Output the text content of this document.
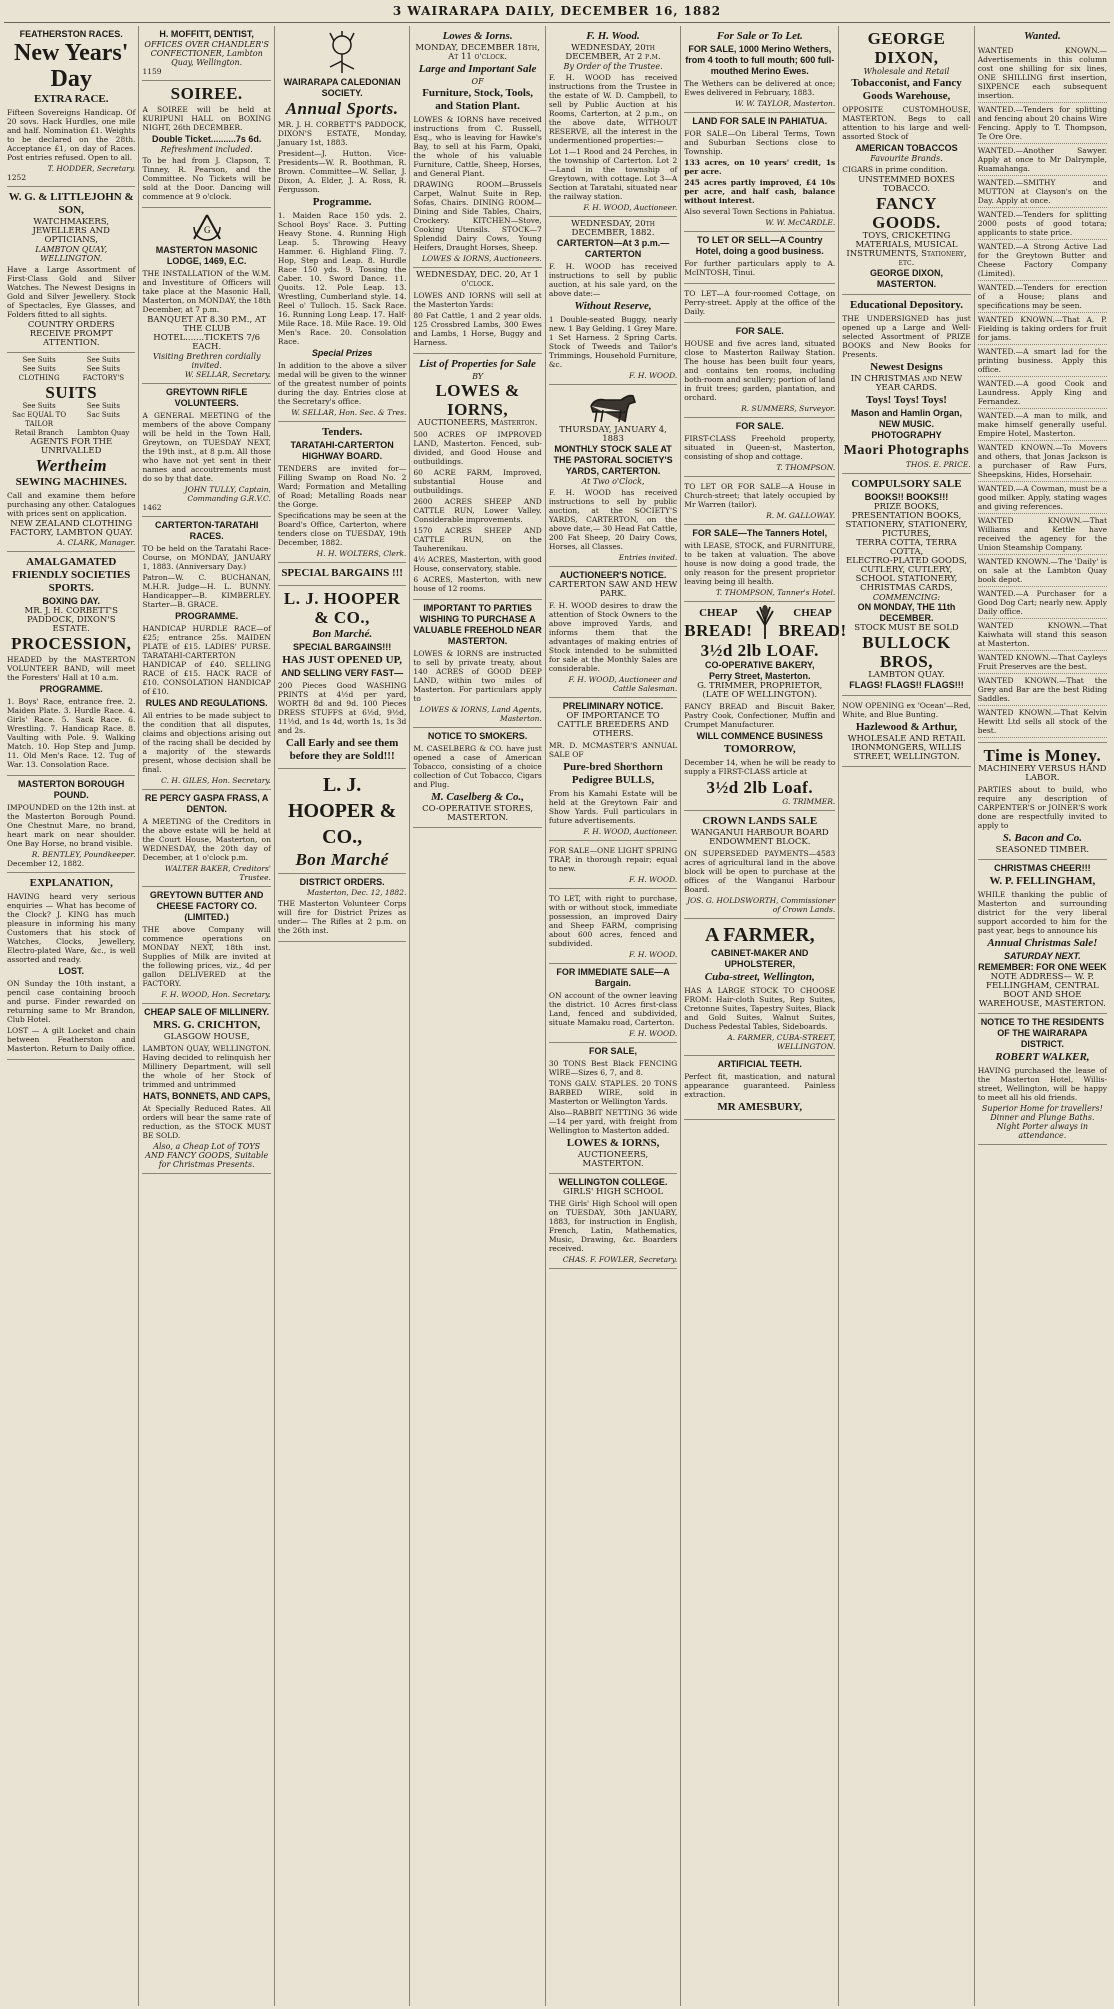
3 WAIRARAPA DAILY, DECEMBER 16, 1882
FEATHERSTON RACES.
New Years' Day
EXTRA RACE.
Fifteen Sovereigns Handicap. Of 20 sovs. Hack Hurdles, one mile and half. Nomination £1. Weights to be declared on the 28th. Acceptance £1, on day of Races. Post entries refused. Open to all.
T. HODDER, Secretary.
1252
W. G. & LITTLEJOHN & SON,
WATCHMAKERS, JEWELLERS AND OPTICIANS,
LAMBTON QUAY, WELLINGTON.
Have a Large Assortment of First-Class Gold and Silver Watches. The Newest Designs in Gold and Silver Jewellery. Stock of Spectacles, Eye Glasses, and Folders fitted to all sights.
COUNTRY ORDERS RECEIVE PROMPT ATTENTION.
See Suits	See Suits
See Suits	See Suits
CLOTHING	FACTORY'S
SUITS
See Suits	See Suits
Sac EQUAL TO TAILOR
Sac Suits
Retail Branch	Lambton Quay
AGENTS FOR THE UNRIVALLED
Wertheim
SEWING MACHINES.
Call and examine them before purchasing any other. Catalogues with prices sent on application.
NEW ZEALAND CLOTHING FACTORY, LAMBTON QUAY.
A. CLARK, Manager.
AMALGAMATED FRIENDLY SOCIETIES SPORTS.
BOXING DAY.
MR. J. H. CORBETT'S PADDOCK, DIXON'S ESTATE.
PROCESSION,
HEADED by the MASTERTON VOLUNTEER BAND, will meet the Foresters' Hall at 10 a.m.
PROGRAMME.
1. Boys' Race, entrance free. 2. Maiden Plate. 3. Hurdle Race. 4. Girls' Race. 5. Sack Race. 6. Wrestling. 7. Handicap Race. 8. Vaulting with Pole. 9. Walking Match. 10. Hop Step and Jump. 11. Old Men's Race. 12. Tug of War. 13. Consolation Race.
MASTERTON BOROUGH POUND.
IMPOUNDED on the 12th inst. at the Masterton Borough Pound. One Chestnut Mare, no brand, heart mark on near shoulder. One Bay Horse, no brand visible.
R. BENTLEY, Poundkeeper.
December 12, 1882.
EXPLANATION,
HAVING heard very serious enquiries — What has become of the Clock? J. KING has much pleasure in informing his many Customers that his stock of Watches, Clocks, Jewellery, Electro-plated Ware, &c., is well assorted and ready.
LOST.
ON Sunday the 10th instant, a pencil case containing brooch and purse. Finder rewarded on returning same to Mr Brandon, Club Hotel.
LOST — A gilt Locket and chain between Featherston and Masterton. Return to Daily office.
H. MOFFITT, DENTIST,
OFFICES OVER CHANDLER'S CONFECTIONER, Lambton Quay, Wellington.
1159
SOIREE.
A SOIREE will be held at KURIPUNI HALL on BOXING NIGHT, 26th DECEMBER.
Double Ticket..........7s 6d.
Refreshment included.
To be had from J. Clapson, T. Tinney, R. Pearson, and the Committee. No Tickets will be sold at the Door. Dancing will commence at 9 o'clock.
G
MASTERTON MASONIC LODGE, 1469, E.C.
THE INSTALLATION of the W.M. and Investiture of Officers will take place at the Masonic Hall, Masterton, on MONDAY, the 18th December, at 7 p.m.
BANQUET AT 8.30 P.M., AT THE CLUB HOTEL.......TICKETS 7/6 EACH.
Visiting Brethren cordially invited.
W. SELLAR, Secretary.
GREYTOWN RIFLE VOLUNTEERS.
A GENERAL MEETING of the members of the above Company will be held in the Town Hall, Greytown, on TUESDAY NEXT, the 19th inst., at 8 p.m. All those who have not yet sent in their names and accoutrements must do so by that date.
JOHN TULLY, Captain, Commanding G.R.V.C.
1462
CARTERTON-TARATAHI RACES.
TO be held on the Taratahi Race-Course, on MONDAY, JANUARY 1, 1883. (Anniversary Day.)
Patron—W. C. BUCHANAN, M.H.R. Judge—H. L. BUNNY. Handicapper—B. KIMBERLEY. Starter—B. GRACE.
PROGRAMME.
HANDICAP HURDLE RACE—of £25; entrance 25s. MAIDEN PLATE of £15. LADIES' PURSE. TARATAHI-CARTERTON HANDICAP of £40. SELLING RACE of £15. HACK RACE of £10. CONSOLATION HANDICAP of £10.
RULES AND REGULATIONS.
All entries to be made subject to the condition that all disputes, claims and objections arising out of the racing shall be decided by a majority of the stewards present, whose decision shall be final.
C. H. GILES, Hon. Secretary.
RE PERCY GASPA FRASS, A DENTON.
A MEETING of the Creditors in the above estate will be held at the Court House, Masterton, on WEDNESDAY, the 20th day of December, at 1 o'clock p.m.
WALTER BAKER, Creditors' Trustee.
GREYTOWN BUTTER AND CHEESE FACTORY CO. (LIMITED.)
THE above Company will commence operations on MONDAY NEXT, 18th inst. Supplies of Milk are invited at the following prices, viz., 4d per gallon DELIVERED at the FACTORY.
F. H. WOOD, Hon. Secretary.
CHEAP SALE OF MILLINERY.
MRS. G. CRICHTON,
GLASGOW HOUSE,
LAMBTON QUAY, WELLINGTON. Having decided to relinquish her Millinery Department, will sell the whole of her Stock of trimmed and untrimmed
HATS, BONNETS, AND CAPS,
At Specially Reduced Rates. All orders will bear the same rate of reduction, as the STOCK MUST BE SOLD.
Also, a Cheap Lot of TOYS AND FANCY GOODS, Suitable for Christmas Presents.
WAIRARAPA CALEDONIAN SOCIETY.
Annual Sports.
MR. J. H. CORBETT'S PADDOCK, DIXON'S ESTATE, Monday, January 1st, 1883.
President—J. Hutton. Vice-Presidents—W. R. Boothman, R. Brown. Committee—W. Sellar, J. Dixon, A. Elder, J. A. Ross, R. Fergusson.
Programme.
1. Maiden Race 150 yds. 2. School Boys' Race. 3. Putting Heavy Stone. 4. Running High Leap. 5. Throwing Heavy Hammer. 6. Highland Fling. 7. Hop, Step and Leap. 8. Hurdle Race 150 yds. 9. Tossing the Caber. 10. Sword Dance. 11. Quoits. 12. Pole Leap. 13. Wrestling, Cumberland style. 14. Reel o' Tulloch. 15. Sack Race. 16. Running Long Leap. 17. Half-Mile Race. 18. Mile Race. 19. Old Men's Race. 20. Consolation Race.
Special Prizes
In addition to the above a silver medal will be given to the winner of the greatest number of points during the day. Entries close at the Secretary's office.
W. SELLAR, Hon. Sec. & Tres.
Tenders.
TARATAHI-CARTERTON HIGHWAY BOARD.
TENDERS are invited for— Filling Swamp on Road No. 2 Ward; Formation and Metalling of Road; Metalling Roads near the Gorge.
Specifications may be seen at the Board's Office, Carterton, where tenders close on TUESDAY, 19th December, 1882.
H. H. WOLTERS, Clerk.
SPECIAL BARGAINS !!!
L. J. HOOPER & CO.,
Bon Marché.
SPECIAL BARGAINS!!!
HAS JUST OPENED UP,
AND SELLING VERY FAST—
200 Pieces Good WASHING PRINTS at 4½d per yard, WORTH 8d and 9d. 100 Pieces DRESS STUFFS at 6½d, 9½d, 11½d, and 1s 4d, worth 1s, 1s 3d and 2s.
Call Early and see them before they are Sold!!!
L. J. HOOPER & CO.,
Bon Marché
DISTRICT ORDERS.
Masterton, Dec. 12, 1882.
THE Masterton Volunteer Corps will fire for District Prizes as under— The Rifles at 2 p.m. on the 26th inst.
Lowes & Iorns.
MONDAY, DECEMBER 18th, At 11 o'clock.
Large and Important Sale
OF
Furniture, Stock, Tools, and Station Plant.
LOWES & IORNS have received instructions from C. Russell, Esq., who is leaving for Hawke's Bay, to sell at his Farm, Opaki, the whole of his valuable Furniture, Cattle, Sheep, Horses, and General Plant.
DRAWING ROOM—Brussels Carpet, Walnut Suite in Rep, Sofas, Chairs. DINING ROOM—Dining and Side Tables, Chairs, Crockery. KITCHEN—Stove, Cooking Utensils. STOCK—7 Splendid Dairy Cows, Young Heifers, Draught Horses, Sheep.
LOWES & IORNS, Auctioneers.
WEDNESDAY, DEC. 20, At 1 o'clock.
LOWES AND IORNS will sell at the Masterton Yards:
80 Fat Cattle, 1 and 2 year olds. 125 Crossbred Lambs, 300 Ewes and Lambs, 1 Horse, Buggy and Harness.
List of Properties for Sale
BY
LOWES & IORNS,
AUCTIONEERS, Masterton.
500 ACRES OF IMPROVED LAND, Masterton. Fenced, sub-divided, and Good House and outbuildings.
60 ACRE FARM, Improved, substantial House and outbuildings.
2600 ACRES SHEEP AND CATTLE RUN, Lower Valley. Considerable improvements.
1570 ACRES SHEEP AND CATTLE RUN, on the Tauherenikau.
4½ ACRES, Masterton, with good House, conservatory, stable.
6 ACRES, Masterton, with new house of 12 rooms.
IMPORTANT TO PARTIES WISHING TO PURCHASE A VALUABLE FREEHOLD NEAR MASTERTON.
LOWES & IORNS are instructed to sell by private treaty, about 140 ACRES of GOOD DEEP LAND, within two miles of Masterton. For particulars apply to
LOWES & IORNS, Land Agents, Masterton.
NOTICE TO SMOKERS.
M. CASELBERG & CO. have just opened a case of American Tobacco, consisting of a choice collection of Cut Tobacco, Cigars and Plug.
M. Caselberg & Co.,
CO-OPERATIVE STORES, MASTERTON.
F. H. Wood.
WEDNESDAY, 20th DECEMBER, At 2 p.m.
By Order of the Trustee.
F. H. WOOD has received instructions from the Trustee in the estate of W. D. Campbell, to sell by Public Auction at his Rooms, Carterton, at 2 p.m., on the above date, WITHOUT RESERVE, all the interest in the undermentioned properties:—
Lot 1—1 Rood and 24 Perches, in the township of Carterton. Lot 2—Land in the township of Greytown, with cottage. Lot 3—A Section at Taratahi, situated near the railway station.
F. H. WOOD, Auctioneer.
WEDNESDAY, 20th DECEMBER, 1882.
CARTERTON—At 3 p.m.—CARTERTON
F. H. WOOD has received instructions to sell by public auction, at his sale yard, on the above date:—
Without Reserve,
1 Double-seated Buggy, nearly new. 1 Bay Gelding. 1 Grey Mare. 1 Set Harness. 2 Spring Carts. Stock of Tweeds and Tailor's Trimmings, Household Furniture, &c.
F. H. WOOD.
THURSDAY, JANUARY 4, 1883
MONTHLY STOCK SALE AT THE PASTORAL SOCIETY'S YARDS, CARTERTON.
At Two o'Clock,
F. H. WOOD has received instructions to sell by public auction, at the SOCIETY'S YARDS, CARTERTON, on the above date,— 30 Head Fat Cattle, 200 Fat Sheep, 20 Dairy Cows, Horses, all Classes.
Entries invited.
AUCTIONEER'S NOTICE.
CARTERTON SAW AND HEW PARK.
F. H. WOOD desires to draw the attention of Stock Owners to the above improved Yards, and informs them that the advantages of making entries of Stock intended to be submitted for sale at the Monthly Sales are considerable.
F. H. WOOD, Auctioneer and Cattle Salesman.
PRELIMINARY NOTICE.
OF IMPORTANCE TO CATTLE BREEDERS AND OTHERS.
MR. D. MCMASTER'S ANNUAL SALE OF
Pure-bred Shorthorn Pedigree BULLS,
From his Kamahi Estate will be held at the Greytown Fair and Show Yards. Full particulars in future advertisements.
F. H. WOOD, Auctioneer.
FOR SALE—ONE LIGHT SPRING TRAP, in thorough repair; equal to new.
F. H. WOOD.
TO LET, with right to purchase, with or without stock, immediate possession, an improved Dairy and Sheep FARM, comprising about 600 acres, fenced and subdivided.
F. H. WOOD.
FOR IMMEDIATE SALE—A Bargain.
ON account of the owner leaving the district. 10 Acres first-class Land, fenced and subdivided, situate Mamaku road, Carterton.
F. H. WOOD.
FOR SALE,
30 TONS Best Black FENCING WIRE—Sizes 6, 7, and 8.
TONS GALV. STAPLES. 20 TONS BARBED WIRE, sold in Masterton or Wellington Yards.
Also—RABBIT NETTING 36 wide—14 per yard, with freight from Wellington to Masterton added.
LOWES & IORNS,
AUCTIONEERS, MASTERTON.
WELLINGTON COLLEGE.
GIRLS' HIGH SCHOOL
THE Girls' High School will open on TUESDAY, 30th JANUARY, 1883, for instruction in English, French, Latin, Mathematics, Music, Drawing, &c. Boarders received.
CHAS. F. FOWLER, Secretary.
For Sale or To Let.
FOR SALE, 1000 Merino Wethers, from 4 tooth to full mouth; 600 full-mouthed Merino Ewes.
The Wethers can be delivered at once; Ewes delivered in February, 1883.
W. W. TAYLOR, Masterton.
LAND FOR SALE IN PAHIATUA.
FOR SALE—On Liberal Terms, Town and Suburban Sections close to Township.
133 acres, on 10 years' credit, 1s per acre.
245 acres partly improved, £4 10s per acre, and half cash, balance without interest.
Also several Town Sections in Pahiatua.
W. W. McCARDLE.
TO LET OR SELL—A Country Hotel, doing a good business.
For further particulars apply to A. McINTOSH, Tinui.
TO LET—A four-roomed Cottage, on Perry-street. Apply at the office of the Daily.
FOR SALE.
HOUSE and five acres land, situated close to Masterton Railway Station. The house has been built four years, and contains ten rooms, including both-room and scullery; portion of land in fruit trees; garden, plantation, and orchard.
R. SUMMERS, Surveyor.
FOR SALE.
FIRST-CLASS Freehold property, situated in Queen-st, Masterton, consisting of shop and cottage.
T. THOMPSON.
TO LET OR FOR SALE—A House in Church-street; that lately occupied by Mr Warren (tailor).
R. M. GALLOWAY.
FOR SALE—The Tanners Hotel,
with LEASE, STOCK, and FURNITURE, to be taken at valuation. The above house is now doing a good trade, the only reason for the present proprietor leaving being ill health.
T. THOMPSON, Tanner's Hotel.
CHEAP
BREAD!
CHEAP
BREAD!
3½d 2lb LOAF.
CO-OPERATIVE BAKERY,
Perry Street, Masterton.
G. TRIMMER, PROPRIETOR, (LATE OF WELLINGTON).
FANCY BREAD and Biscuit Baker, Pastry Cook, Confectioner, Muffin and Crumpet Manufacturer.
WILL COMMENCE BUSINESS
TOMORROW,
December 14, when he will be ready to supply a FIRST-CLASS article at
3½d 2lb Loaf.
G. TRIMMER.
CROWN LANDS SALE
WANGANUI HARBOUR BOARD ENDOWMENT BLOCK.
ON SUPERSEDED PAYMENTS—4583 acres of agricultural land in the above block will be open to purchase at the offices of the Wanganui Harbour Board.
JOS. G. HOLDSWORTH, Commissioner of Crown Lands.
A FARMER,
CABINET-MAKER AND UPHOLSTERER,
Cuba-street, Wellington,
HAS A LARGE STOCK TO CHOOSE FROM: Hair-cloth Suites, Rep Suites, Cretonne Suites, Tapestry Suites, Black and Gold Suites, Walnut Suites, Duchess Pedestal Tables, Sideboards.
A. FARMER, CUBA-STREET, WELLINGTON.
ARTIFICIAL TEETH.
Perfect fit, mastication, and natural appearance guaranteed. Painless extraction.
MR AMESBURY,
GEORGE DIXON,
Wholesale and Retail
Tobacconist, and Fancy Goods Warehouse,
OPPOSITE CUSTOMHOUSE, MASTERTON. Begs to call attention to his large and well-assorted Stock of
AMERICAN TOBACCOS
Favourite Brands.
CIGARS in prime condition.
UNSTEMMED BOXES TOBACCO.
FANCY GOODS.
TOYS, CRICKETING MATERIALS, MUSICAL INSTRUMENTS, Stationery, etc.
GEORGE DIXON, MASTERTON.
Educational Depository.
THE UNDERSIGNED has just opened up a Large and Well-selected Assortment of PRIZE BOOKS and New Books for Presents.
Newest Designs
IN CHRISTMAS and NEW YEAR CARDS.
Toys! Toys! Toys!
Mason and Hamlin Organ,
NEW MUSIC.
PHOTOGRAPHY
Maori Photographs
THOS. E. PRICE.
COMPULSORY SALE
BOOKS!! BOOKS!!!
PRIZE BOOKS, PRESENTATION BOOKS,
STATIONERY, STATIONERY,
PICTURES,
TERRA COTTA, TERRA COTTA,
ELECTRO-PLATED GOODS,
CUTLERY, CUTLERY,
SCHOOL STATIONERY,
CHRISTMAS CARDS,
COMMENCING:
ON MONDAY, THE 11th DECEMBER.
STOCK MUST BE SOLD
BULLOCK BROS,
LAMBTON QUAY.
FLAGS! FLAGS!! FLAGS!!!
NOW OPENING ex 'Ocean'—Red, White, and Blue Bunting.
Hazlewood & Arthur,
WHOLESALE AND RETAIL IRONMONGERS, WILLIS STREET, WELLINGTON.
Wanted.
WANTED KNOWN.—Advertisements in this column cost one shilling for six lines, ONE SHILLING first insertion, SIXPENCE each subsequent insertion.
WANTED.—Tenders for splitting and fencing about 20 chains Wire Fencing. Apply to T. Thompson, Te Ore Ore.
WANTED.—Another Sawyer. Apply at once to Mr Dalrymple, Ruamahanga.
WANTED.—SMITHY and MUTTON at Clayson's on the Day. Apply at once.
WANTED.—Tenders for splitting 2000 posts of good totara; applicants to state price.
WANTED.—A Strong Active Lad for the Greytown Butter and Cheese Factory Company (Limited).
WANTED.—Tenders for erection of a House; plans and specifications may be seen.
WANTED KNOWN.—That A. P. Fielding is taking orders for fruit for jams.
WANTED.—A smart lad for the printing business. Apply this office.
WANTED.—A good Cook and Laundress. Apply King and Fernandez.
WANTED.—A man to milk, and make himself generally useful. Empire Hotel, Masterton.
WANTED KNOWN.—To Movers and others, that Jonas Jackson is a purchaser of Raw Furs, Sheepskins, Hides, Horsehair.
WANTED.—A Cowman, must be a good milker. Apply, stating wages and giving references.
WANTED KNOWN.—That Williams and Kettle have received the agency for the Union Steamship Company.
WANTED KNOWN.—The 'Daily' is on sale at the Lambton Quay book depot.
WANTED.—A Purchaser for a Good Dog Cart; nearly new. Apply Daily office.
WANTED KNOWN.—That Kaiwhata will stand this season at Masterton.
WANTED KNOWN.—That Cayleys Fruit Preserves are the best.
WANTED KNOWN.—That the Grey and Bar are the best Riding Saddles.
WANTED KNOWN.—That Kelvin Hewitt Ltd sells all stock of the best.
Time is Money.
MACHINERY VERSUS HAND LABOR.
PARTIES about to build, who require any description of CARPENTER'S or JOINER'S work done are respectfully invited to apply to
S. Bacon and Co.
SEASONED TIMBER.
CHRISTMAS CHEER!!!
W. P. FELLINGHAM,
WHILE thanking the public of Masterton and surrounding district for the very liberal support accorded to him for the past year, begs to announce his
Annual Christmas Sale!
SATURDAY NEXT.
REMEMBER: FOR ONE WEEK
NOTE ADDRESS— W. P. FELLINGHAM, CENTRAL BOOT AND SHOE WAREHOUSE, MASTERTON.
NOTICE TO THE RESIDENTS OF THE WAIRARAPA DISTRICT.
ROBERT WALKER,
HAVING purchased the lease of the Masterton Hotel, Willis-street, Wellington, will be happy to meet all his old friends.
Superior Home for travellers! Dinner and Plunge Baths.
Night Porter always in attendance.
